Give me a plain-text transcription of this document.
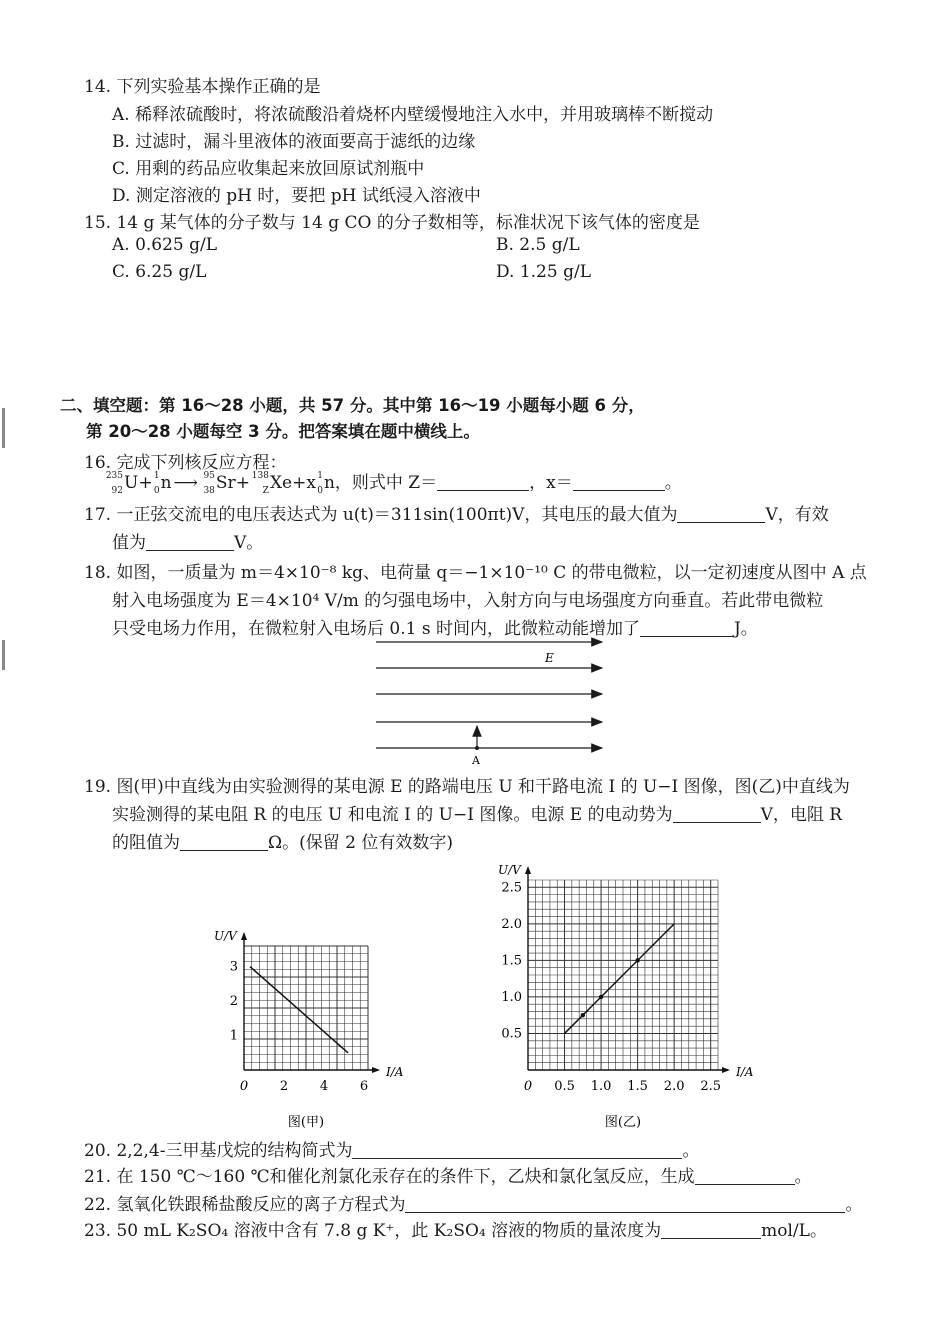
14. 下列实验基本操作正确的是
A. 稀释浓硫酸时，将浓硫酸沿着烧杯内壁缓慢地注入水中，并用玻璃棒不断搅动
B. 过滤时，漏斗里液体的液面要高于滤纸的边缘
C. 用剩的药品应收集起来放回原试剂瓶中
D. 测定溶液的 pH 时，要把 pH 试纸浸入溶液中
15. 14 g 某气体的分子数与 14 g CO 的分子数相等，标准状况下该气体的密度是
A. 0.625 g/L	B. 2.5 g/L
C. 6.25 g/L	D. 1.25 g/L
二、填空题：第 16～28 小题，共 57 分。其中第 16～19 小题每小题 6 分，
第 20～28 小题每空 3 分。把答案填在题中横线上。
16. 完成下列核反应方程：
235
92 U+ 1
0 n ⟶ 95
38 Sr+ 138
Z Xe+x 1
0 n，则式中 Z＝	，x＝	。
17. 一正弦交流电的电压表达式为 u(t)＝311sin(100πt)V，其电压的最大值为	V，有效
值为	V。
18. 如图，一质量为 m＝4×10⁻⁸ kg、电荷量 q＝−1×10⁻¹⁰ C 的带电微粒，以一定初速度从图中 A 点
射入电场强度为 E＝4×10⁴ V/m 的匀强电场中，入射方向与电场强度方向垂直。若此带电微粒
只受电场力作用，在微粒射入电场后 0.1 s 时间内，此微粒动能增加了	J。
E
A
19. 图(甲)中直线为由实验测得的某电源 E 的路端电压 U 和干路电流 I 的 U−I 图像，图(乙)中直线为
实验测得的某电阻 R 的电压 U 和电流 I 的 U−I 图像。电源 E 的电动势为	V，电阻 R
的阻值为	Ω。(保留 2 位有效数字)
0 2 4 6
1
2
3
I/A
U/V
图(甲)
0 0.5 1.0 1.5 2.0 2.5
0.5
1.0
1.5
2.0
2.5
I/A
U/V
图(乙)
20. 2,2,4-三甲基戊烷的结构简式为	。
21. 在 150 ℃～160 ℃和催化剂氯化汞存在的条件下，乙炔和氯化氢反应，生成	。
22. 氢氧化铁跟稀盐酸反应的离子方程式为	。
23. 50 mL K₂SO₄ 溶液中含有 7.8 g K⁺，此 K₂SO₄ 溶液的物质的量浓度为	mol/L。
